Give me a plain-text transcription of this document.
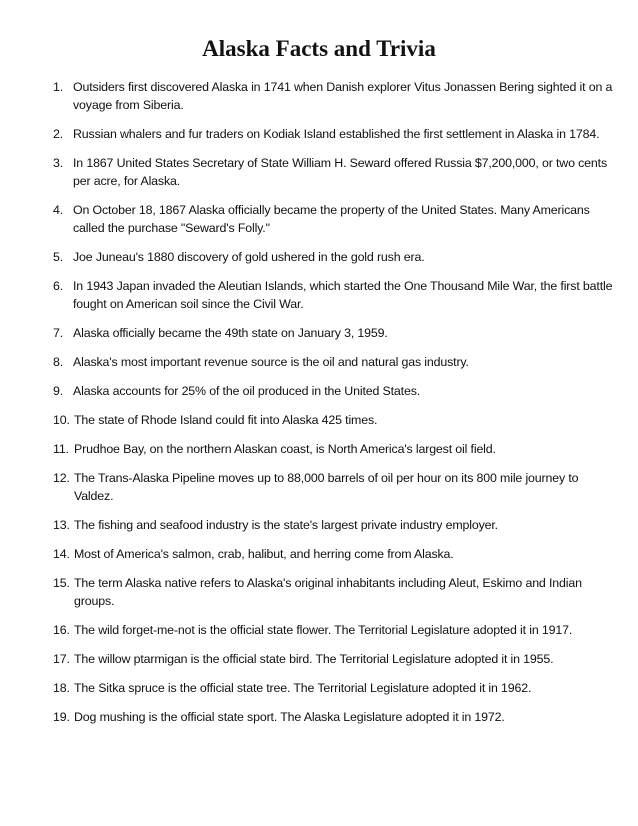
Alaska Facts and Trivia
1. Outsiders first discovered Alaska in 1741 when Danish explorer Vitus Jonassen Bering sighted it on a voyage from Siberia.
2. Russian whalers and fur traders on Kodiak Island established the first settlement in Alaska in 1784.
3. In 1867 United States Secretary of State William H. Seward offered Russia $7,200,000, or two cents per acre, for Alaska.
4. On October 18, 1867 Alaska officially became the property of the United States. Many Americans called the purchase "Seward's Folly."
5. Joe Juneau's 1880 discovery of gold ushered in the gold rush era.
6. In 1943 Japan invaded the Aleutian Islands, which started the One Thousand Mile War, the first battle fought on American soil since the Civil War.
7. Alaska officially became the 49th state on January 3, 1959.
8. Alaska's most important revenue source is the oil and natural gas industry.
9. Alaska accounts for 25% of the oil produced in the United States.
10. The state of Rhode Island could fit into Alaska 425 times.
11. Prudhoe Bay, on the northern Alaskan coast, is North America's largest oil field.
12. The Trans-Alaska Pipeline moves up to 88,000 barrels of oil per hour on its 800 mile journey to Valdez.
13. The fishing and seafood industry is the state's largest private industry employer.
14. Most of America's salmon, crab, halibut, and herring come from Alaska.
15. The term Alaska native refers to Alaska's original inhabitants including Aleut, Eskimo and Indian groups.
16. The wild forget-me-not is the official state flower. The Territorial Legislature adopted it in 1917.
17. The willow ptarmigan is the official state bird. The Territorial Legislature adopted it in 1955.
18. The Sitka spruce is the official state tree. The Territorial Legislature adopted it in 1962.
19. Dog mushing is the official state sport. The Alaska Legislature adopted it in 1972.
